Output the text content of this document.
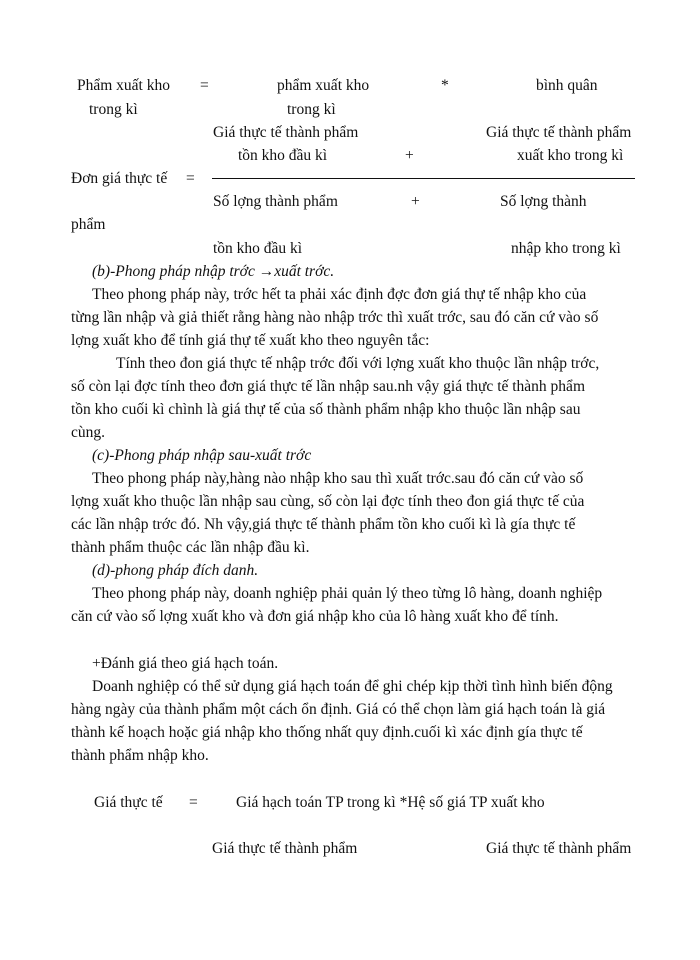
Phẩm xuất kho
trong kì
=	phẩm xuất kho
trong kì
*	bình quân
Giá thực tế thành phẩm	Giá thực tế thành phẩm
tồn kho đầu kì	+	xuất kho trong kì
Đơn giá thực tế =
Số lợng thành phẩm	+	Số lợng thành
phẩm
tồn kho đầu kì	nhập kho trong kì
(b)-Phong pháp nhập trớc →xuất trớc.
Theo phong pháp này, trớc hết ta phải xác định đợc đơn giá thự tế nhập kho của
từng lần nhập và giả thiết rằng hàng nào nhập trớc thì xuất trớc, sau đó căn cứ vào số
lợng xuất kho để tính giá thự tế xuất kho theo nguyên tắc:
Tính theo đon giá thực tế nhập trớc đối với lợng xuất kho thuộc lần nhập trớc,
số còn lại đợc tính theo đơn giá thực tế lần nhập sau.nh vậy giá thực tế thành phẩm
tồn kho cuối kì chình là giá thự tế của số thành phẩm nhập kho thuộc lần nhập sau
cùng.
(c)-Phong pháp nhập sau-xuất trớc
Theo phong pháp này,hàng nào nhập kho sau thì xuất trớc.sau đó căn cứ vào số
lợng xuất kho thuộc lần nhập sau cùng, số còn lại đợc tính theo đon giá thực tế của
các lần nhập trớc đó. Nh vậy,giá thực tế thành phẩm tồn kho cuối kì là gía thực tế
thành phẩm thuộc các lần nhập đầu kì.
(d)-phong pháp đích danh.
Theo phong pháp này, doanh nghiệp phải quản lý theo từng lô hàng, doanh nghiệp
căn cứ vào số lợng xuất kho và đơn giá nhập kho của lô hàng xuất kho để tính.
+Đánh giá theo giá hạch toán.
Doanh nghiệp có thể sử dụng giá hạch toán để ghi chép kịp thời tình hình biến động
hàng ngày của thành phẩm một cách ổn định. Giá có thể chọn làm giá hạch toán là giá
thành kế hoạch hoặc giá nhập kho thống nhất quy định.cuối kì xác định gía thực tế
thành phẩm nhập kho.
Giá thực tế = Giá hạch toán TP trong kì *Hệ số giá TP xuất kho
Giá thực tế thành phẩm	Giá thực tế thành phẩm
